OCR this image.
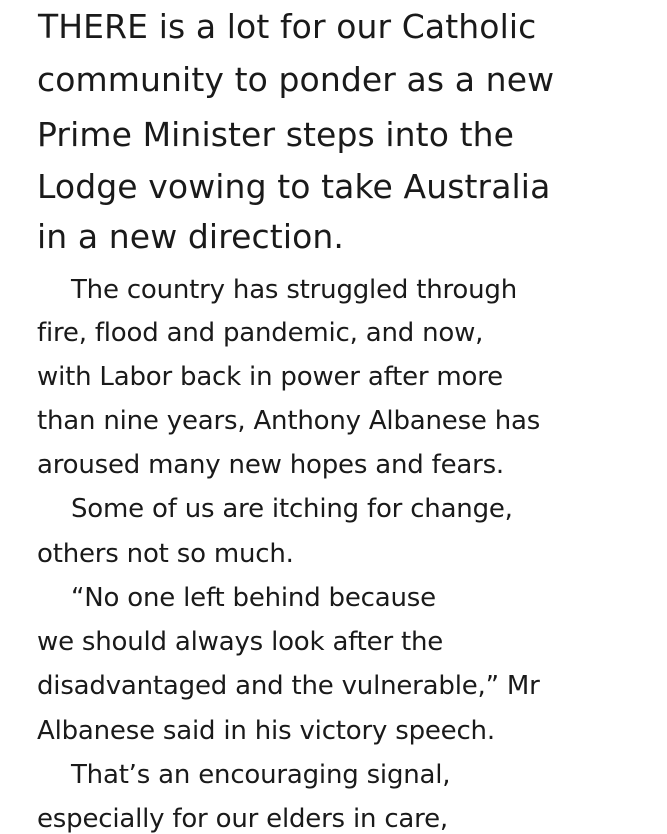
THERE is a lot for our Catholic
community to ponder as a new
Prime Minister steps into the
Lodge vowing to take Australia
in a new direction.
The country has struggled through
fire, flood and pandemic, and now,
with Labor back in power after more
than nine years, Anthony Albanese has
aroused many new hopes and fears.
Some of us are itching for change,
others not so much.
“No one left behind because
we should always look after the
disadvantaged and the vulnerable,” Mr
Albanese said in his victory speech.
That’s an encouraging signal,
especially for our elders in care,
